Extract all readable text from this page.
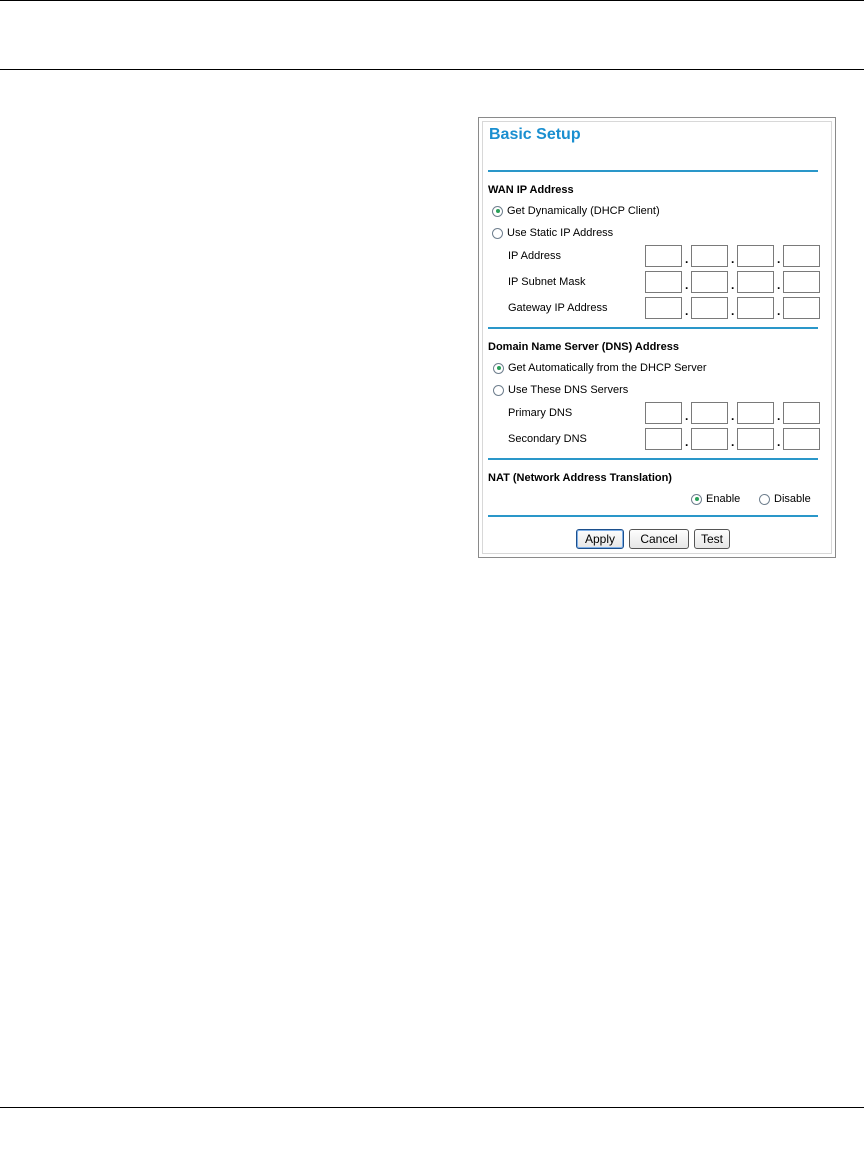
Basic Setup
WAN IP Address
Get Dynamically (DHCP Client)
Use Static IP Address
IP Address	.	.	.
IP Subnet Mask	.	.	.
Gateway IP Address	.	.	.
Domain Name Server (DNS) Address
Get Automatically from the DHCP Server
Use These DNS Servers
Primary DNS	.	.	.
Secondary DNS	.	.	.
NAT (Network Address Translation)
Enable	Disable
Apply	Cancel	Test
